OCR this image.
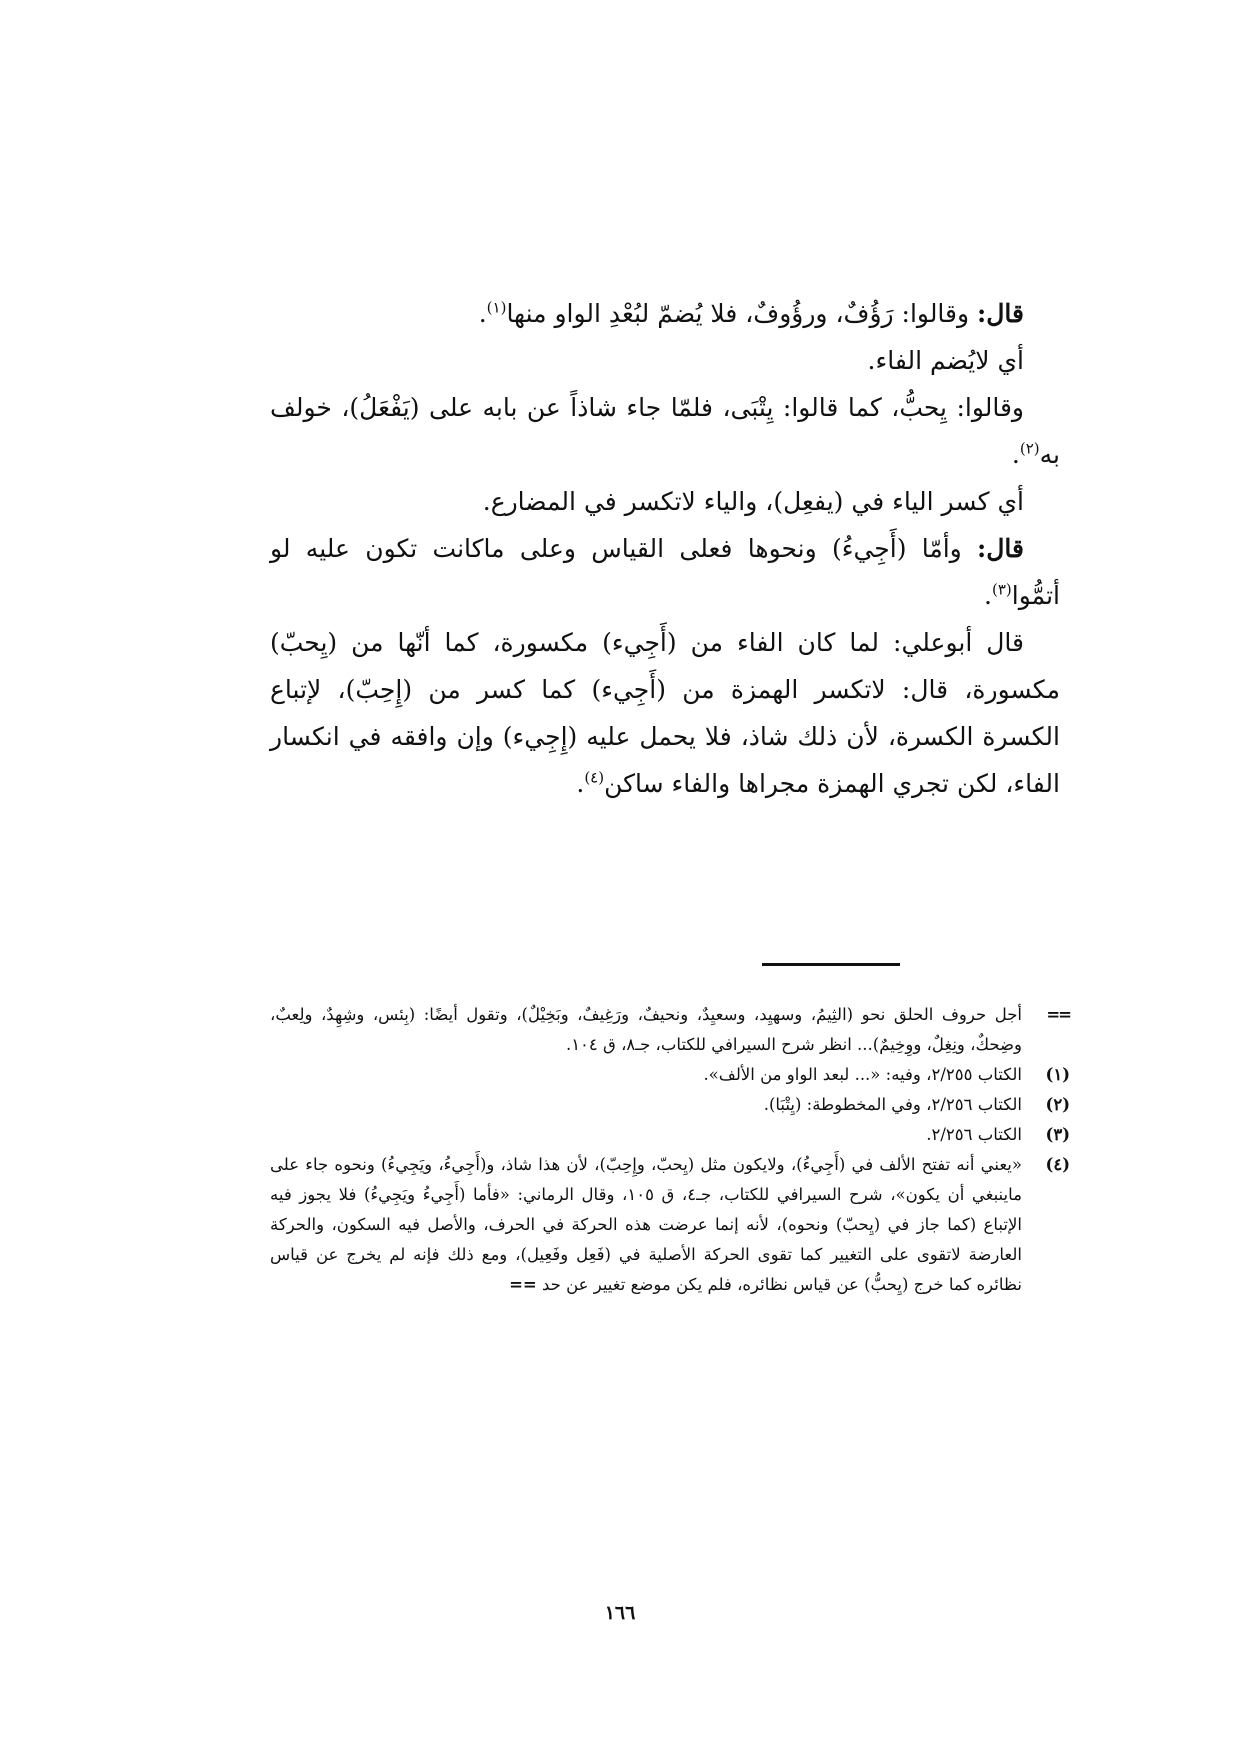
قال: وقالوا: رَؤُفٌ، ورؤُوفٌ، فلا يُضمّ لبُعْدِ الواو منها$^{(١)}$.

أي لايُضم الفاء.

وقالوا: يِحبُّ، كما قالوا: يِتْبَى، فلمّا جاء شاذاً عن بابه على (يَفْعَلُ)، خولف به$^{(٢)}$.

أي كسر الياء في (يفعِل)، والياء لاتكسر في المضارع.

قال: وأمّا (أَجِيءُ) ونحوها فعلى القياس وعلى ماكانت تكون عليه لو أتمُّوا$^{(٣)}$.

قال أبوعلي: لما كان الفاء من (أَجِيء) مكسورة، كما أنّها من (يِحبّ) مكسورة، قال: لاتكسر الهمزة من (أَجِيء) كما كسر من (إِحِبّ)، لإتباع الكسرة الكسرة، لأن ذلك شاذ، فلا يحمل عليه (إِجِيء) وإن وافقه في انكسار الفاء، لكن تجري الهمزة مجراها والفاء ساكن$^{(٤)}$.

==
أجل حروف الحلق نحو (الثِيمُ، وسهيِد، وسعيِدٌ، ونحيفٌ، ورَغِيفٌ، وبَخِيْلٌ)، وتقول أيضًا: (بِئس، وشِهِدٌ، ولِعبٌ، وضِحكٌ، ونِغِلٌ، ووِخِيمٌ)... انظر شرح السيرافي للكتاب، جـ٨، ق ١٠٤.
(١)
الكتاب ٢/٢٥٥، وفيه: «... لبعد الواو من الألف».
(٢)
الكتاب ٢/٢٥٦، وفي المخطوطة: (يِتْبَا).
(٣)
الكتاب ٢/٢٥٦.
(٤)
«يعني أنه تفتح الألف في (أَجِيءُ)، ولايكون مثل (يِحبّ، وإِحِبّ)، لأن هذا شاذ، و(أَجِيءُ، ويَجِيءُ) ونحوه جاء على ماينبغي أن يكون»، شرح السيرافي للكتاب، جـ٤، ق ١٠٥، وقال الرماني: «فأما (أَجِيءُ ويَجِيءُ) فلا يجوز فيه الإتباع (كما جاز في (يِحبّ) ونحوه)، لأنه إنما عرضت هذه الحركة في الحرف، والأصل فيه السكون، والحركة العارضة لاتقوى على التغيير كما تقوى الحركة الأصلية في (فَعِل وفَعِيل)، ومع ذلك فإنه لم يخرج عن قياس نظائره كما خرج (يِحبُّ) عن قياس نظائره، فلم يكن موضع تغيير عن حد ==
١٦٦
